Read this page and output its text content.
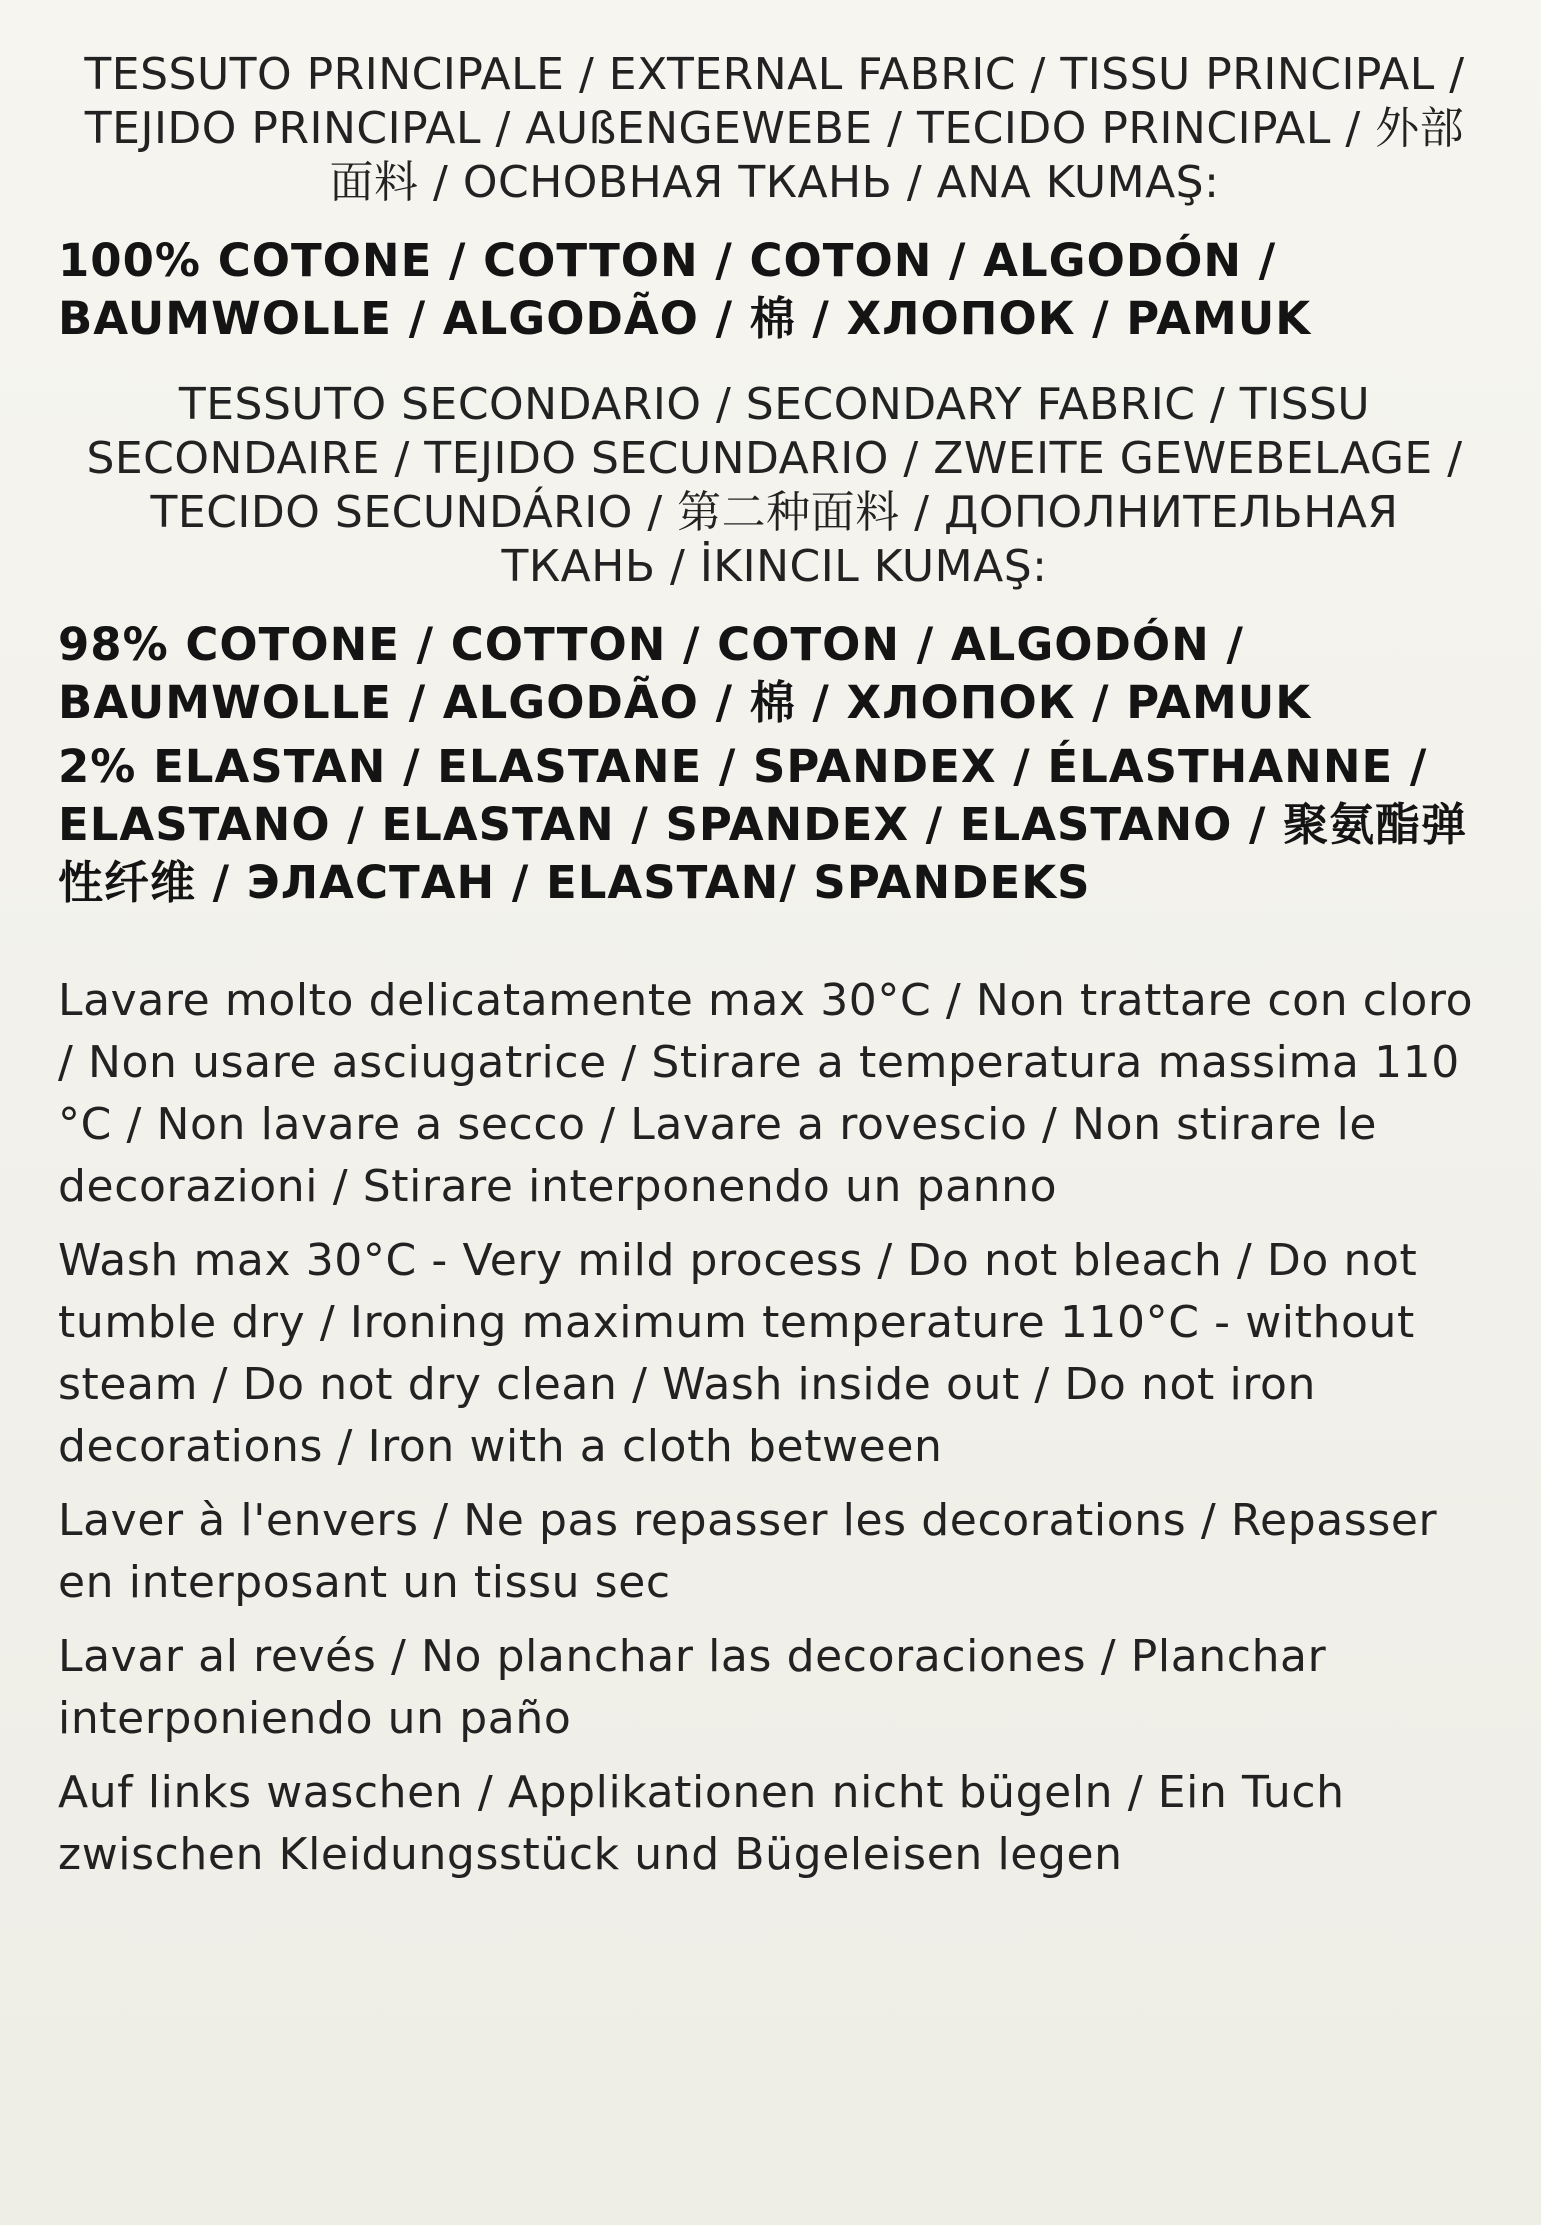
TESSUTO PRINCIPALE / EXTERNAL FABRIC / TISSU PRINCIPAL / TEJIDO PRINCIPAL / AUßENGEWEBE / TECIDO PRINCIPAL / 外部面料 / ОСНОВНАЯ ТКАНЬ / ANA KUMAŞ:
100% COTONE / COTTON / COTON / ALGODÓN / BAUMWOLLE / ALGODÃO / 棉 / ХЛОПОК / PAMUK
TESSUTO SECONDARIO / SECONDARY FABRIC / TISSU SECONDAIRE / TEJIDO SECUNDARIO / ZWEITE GEWEBELAGE / TECIDO SECUNDÁRIO / 第二种面料 / ДОПОЛНИТЕЛЬНАЯ ТКАНЬ / İKINCIL KUMAŞ:
98% COTONE / COTTON / COTON / ALGODÓN / BAUMWOLLE / ALGODÃO / 棉 / ХЛОПОК / PAMUK
2% ELASTAN / ELASTANE / SPANDEX / ÉLASTHANNE / ELASTANO / ELASTAN / SPANDEX / ELASTANO / 聚氨酯弹性纤维 / ЭЛАСТАН / ELASTAN/ SPANDEKS
Lavare molto delicatamente max 30°C / Non trattare con cloro / Non usare asciugatrice / Stirare a temperatura massima 110 °C / Non lavare a secco / Lavare a rovescio / Non stirare le decorazioni / Stirare interponendo un panno
Wash max 30°C - Very mild process / Do not bleach / Do not tumble dry / Ironing maximum temperature 110°C - without steam / Do not dry clean / Wash inside out / Do not iron decorations / Iron with a cloth between
Laver à l'envers / Ne pas repasser les decorations / Repasser en interposant un tissu sec
Lavar al revés / No planchar las decoraciones / Planchar interponiendo un paño
Auf links waschen / Applikationen nicht bügeln / Ein Tuch zwischen Kleidungsstück und Bügeleisen legen
